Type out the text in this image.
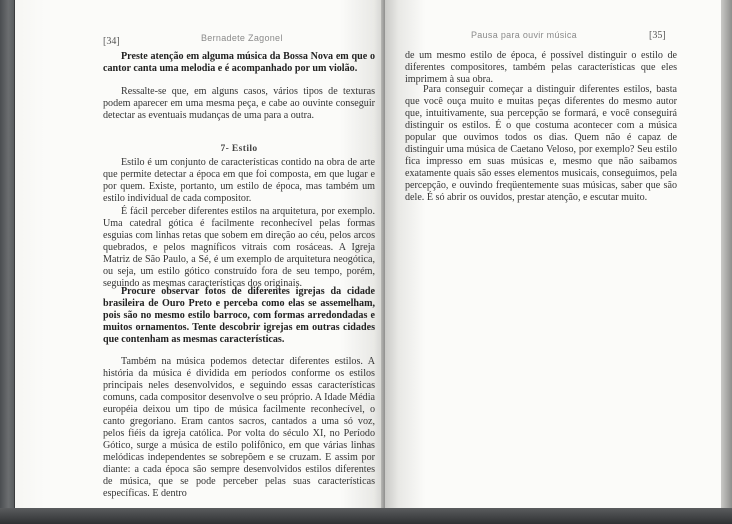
[34]	Bernadete Zagonel

Preste atenção em alguma música da Bossa Nova em que o cantor canta uma melodia e é acompanhado por um violão.

Ressalte-se que, em alguns casos, vários tipos de texturas podem aparecer em uma mesma peça, e cabe ao ouvinte conseguir detectar as eventuais mudanças de uma para a outra.

7- Estilo

Estilo é um conjunto de características contido na obra de arte que permite detectar a época em que foi composta, em que lugar e por quem. Existe, portanto, um estilo de época, mas também um estilo individual de cada compositor.

É fácil perceber diferentes estilos na arquitetura, por exemplo. Uma catedral gótica é facilmente reconhecível pelas formas esguias com linhas retas que sobem em direção ao céu, pelos arcos quebrados, e pelos magníficos vitrais com rosáceas. A Igreja Matriz de São Paulo, a Sé, é um exemplo de arquitetura neogótica, ou seja, um estilo gótico construído fora de seu tempo, porém, seguindo as mesmas características dos originais.

Procure observar fotos de diferentes igrejas da cidade brasileira de Ouro Preto e perceba como elas se assemelham, pois são no mesmo estilo barroco, com formas arredondadas e muitos ornamentos. Tente descobrir igrejas em outras cidades que contenham as mesmas características.

Também na música podemos detectar diferentes estilos. A história da música é dividida em períodos conforme os estilos principais neles desenvolvidos, e seguindo essas características comuns, cada compositor desenvolve o seu próprio. A Idade Média européia deixou um tipo de música facilmente reconhecível, o canto gregoriano. Eram cantos sacros, cantados a uma só voz, pelos fiéis da igreja católica. Por volta do século XI, no Período Gótico, surge a música de estilo polifônico, em que várias linhas melódicas independentes se sobrepõem e se cruzam. E assim por diante: a cada época são sempre desenvolvidos estilos diferentes de música, que se pode perceber pelas suas características específicas. E dentro

Pausa para ouvir música	[35]

de um mesmo estilo de época, é possível distinguir o estilo de diferentes compositores, também pelas características que eles imprimem à sua obra.

Para conseguir começar a distinguir diferentes estilos, basta que você ouça muito e muitas peças diferentes do mesmo autor que, intuitivamente, sua percepção se formará, e você conseguirá distinguir os estilos. É o que costuma acontecer com a música popular que ouvimos todos os dias. Quem não é capaz de distinguir uma música de Caetano Veloso, por exemplo? Seu estilo fica impresso em suas músicas e, mesmo que não saibamos exatamente quais são esses elementos musicais, conseguimos, pela percepção, e ouvindo freqüentemente suas músicas, saber que são dele. É só abrir os ouvidos, prestar atenção, e escutar muito.
